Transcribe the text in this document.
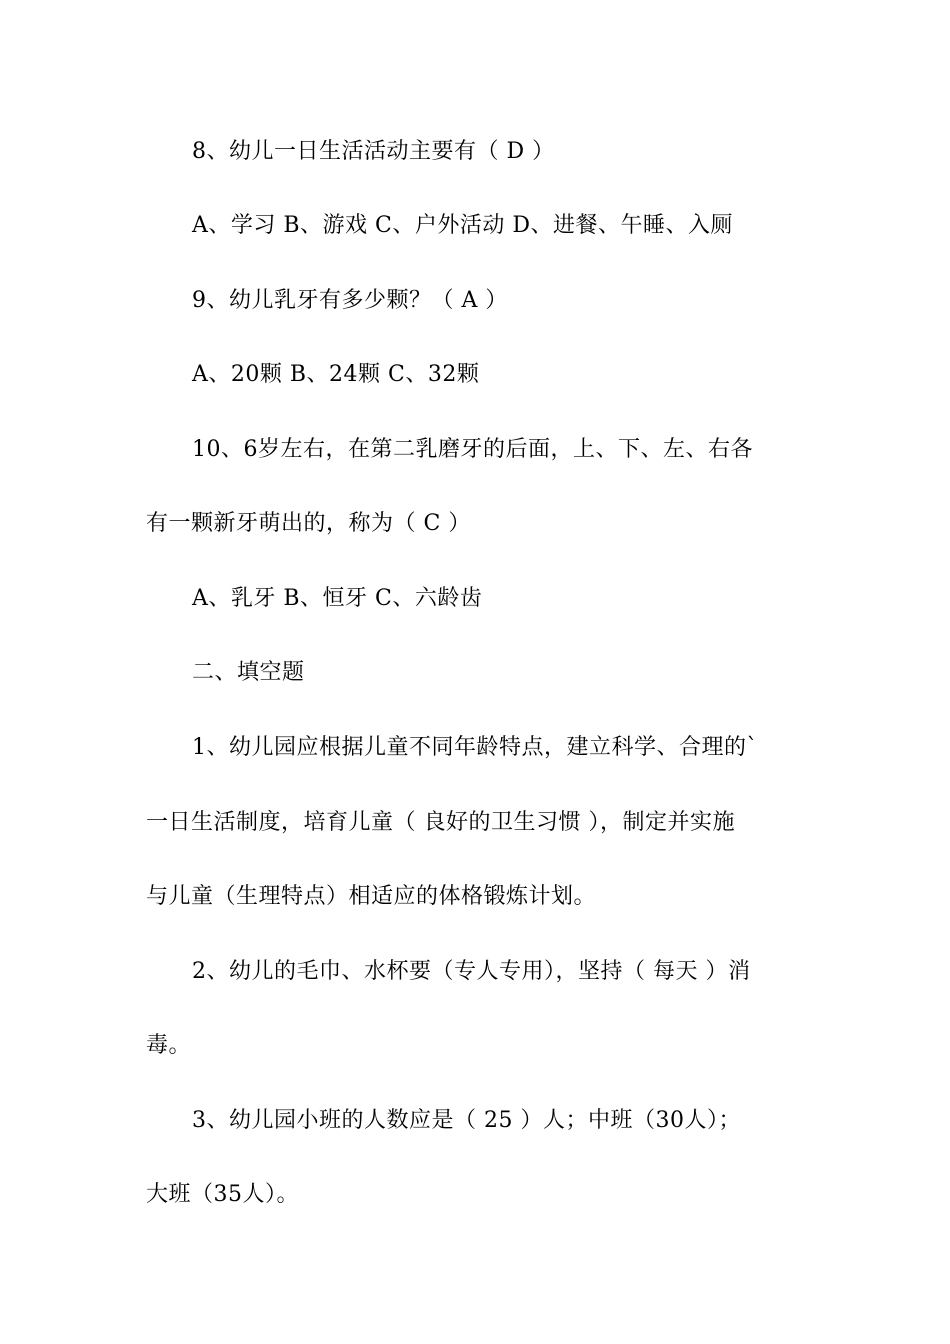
8、幼儿一日生活活动主要有（ D ）
A、学习 B、游戏 C、户外活动 D、进餐、午睡、入厕
9、幼儿乳牙有多少颗？（ A ）
A、20颗 B、24颗 C、32颗
10、6岁左右，在第二乳磨牙的后面，上、下、左、右各
有一颗新牙萌出的，称为（ C ）
A、乳牙 B、恒牙 C、六龄齿
二、填空题
1、幼儿园应根据儿童不同年龄特点，建立科学、合理的`
一日生活制度，培育儿童（ 良好的卫生习惯 ），制定并实施
与儿童（生理特点）相适应的体格锻炼计划。
2、幼儿的毛巾、水杯要（专人专用），坚持（ 每天 ）消
毒。
3、幼儿园小班的人数应是（ 25 ）人；中班（30人）；
大班（35人）。
